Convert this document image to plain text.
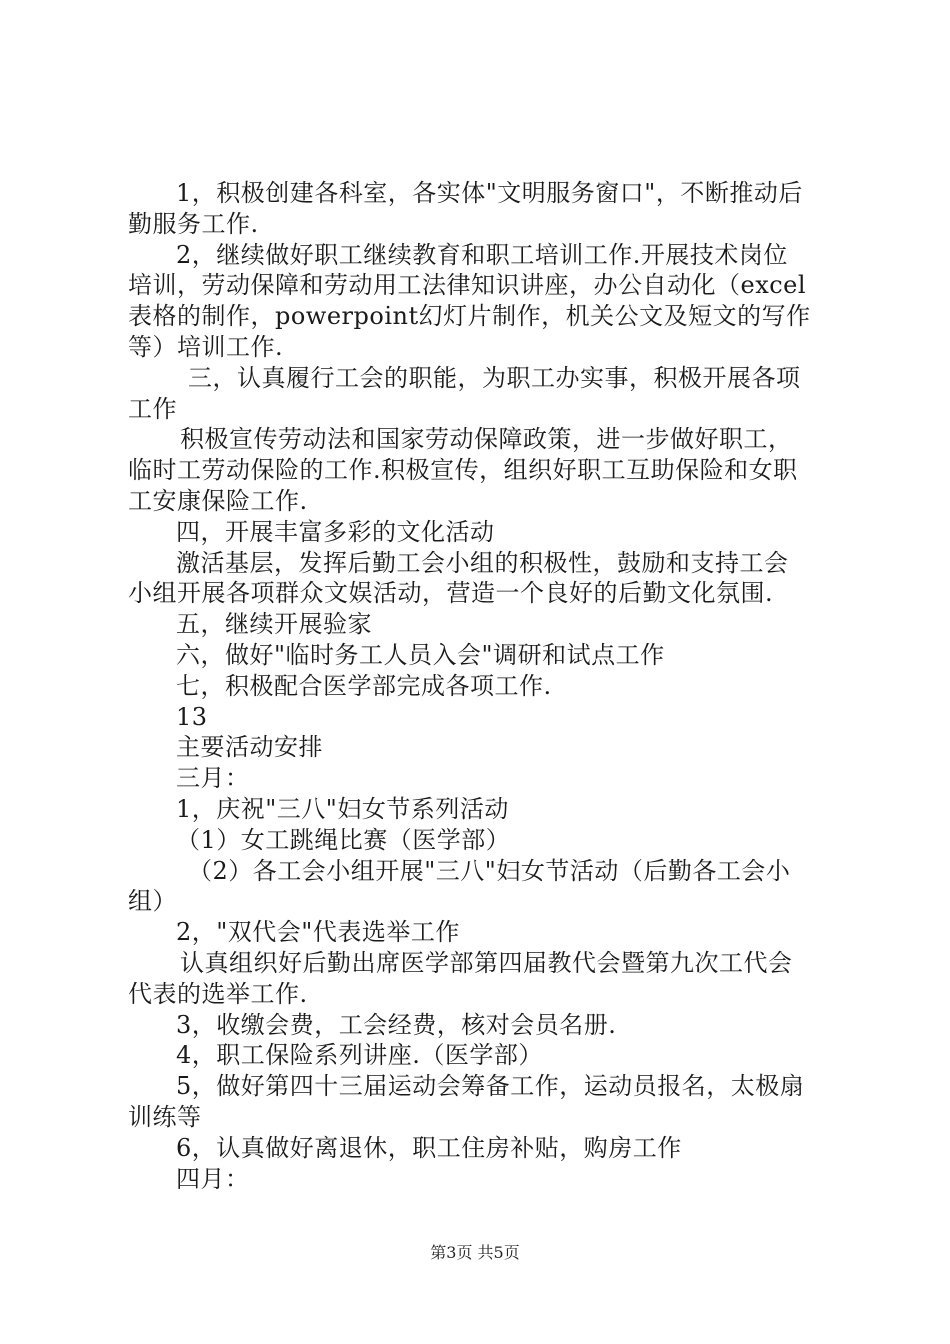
1，积极创建各科室，各实体"文明服务窗口"，不断推动后
勤服务工作.
2，继续做好职工继续教育和职工培训工作.开展技术岗位
培训，劳动保障和劳动用工法律知识讲座，办公自动化（excel
表格的制作，powerpoint幻灯片制作，机关公文及短文的写作
等）培训工作.
三，认真履行工会的职能，为职工办实事，积极开展各项
工作
积极宣传劳动法和国家劳动保障政策，进一步做好职工，
临时工劳动保险的工作.积极宣传，组织好职工互助保险和女职
工安康保险工作.
四，开展丰富多彩的文化活动
激活基层，发挥后勤工会小组的积极性，鼓励和支持工会
小组开展各项群众文娱活动，营造一个良好的后勤文化氛围.
五，继续开展验家
六，做好"临时务工人员入会"调研和试点工作
七，积极配合医学部完成各项工作.
13
主要活动安排
三月：
1，庆祝"三八"妇女节系列活动
（1）女工跳绳比赛（医学部）
（2）各工会小组开展"三八"妇女节活动（后勤各工会小
组）
2，"双代会"代表选举工作
认真组织好后勤出席医学部第四届教代会暨第九次工代会
代表的选举工作.
3，收缴会费，工会经费，核对会员名册.
4，职工保险系列讲座.（医学部）
5，做好第四十三届运动会筹备工作，运动员报名，太极扇
训练等
6，认真做好离退休，职工住房补贴，购房工作
四月：
第3页 共5页
